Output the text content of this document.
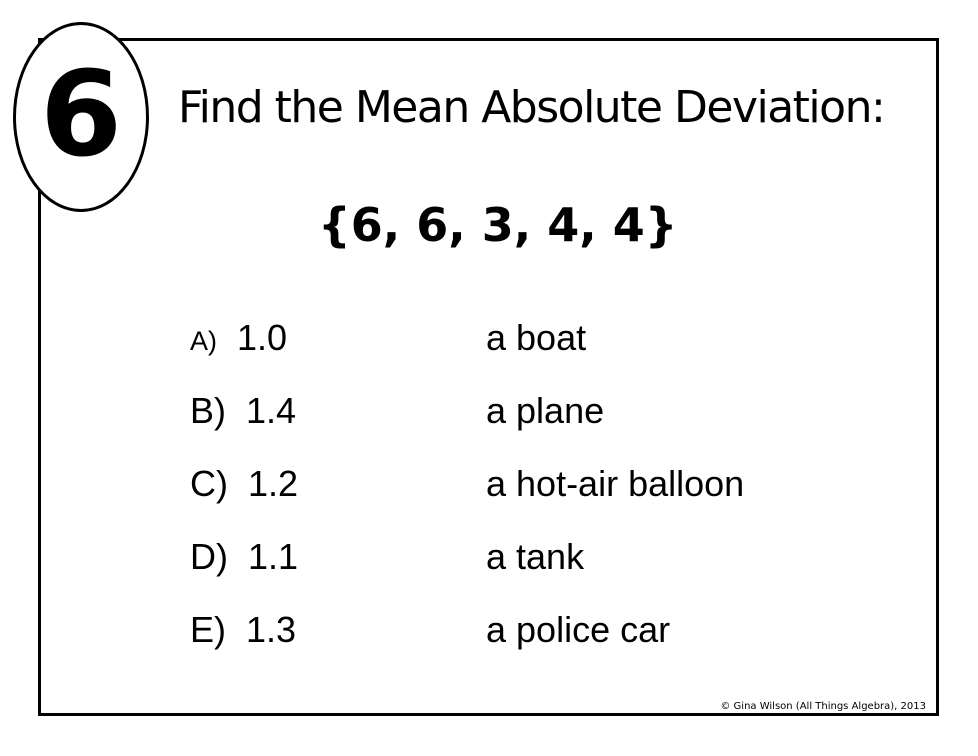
6 Find the Mean Absolute Deviation:
{6, 6, 3, 4, 4}
A) 1.0	a boat
B) 1.4	a plane
C) 1.2	a hot-air balloon
D) 1.1	a tank
E) 1.3	a police car
© Gina Wilson (All Things Algebra), 2013
